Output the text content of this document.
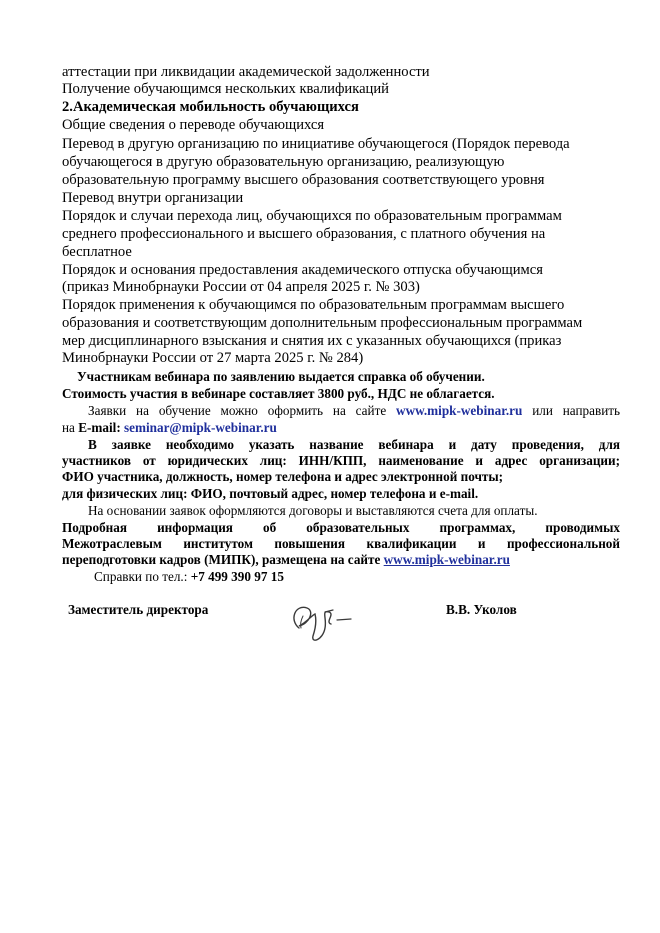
аттестации при ликвидации академической задолженности
Получение обучающимся нескольких квалификаций
2.Академическая мобильность обучающихся
Общие сведения о переводе обучающихся
Перевод в другую организацию по инициативе обучающегося (Порядок перевода
обучающегося в другую образовательную организацию, реализующую
образовательную программу высшего образования соответствующего уровня
Перевод внутри организации
Порядок и случаи перехода лиц, обучающихся по образовательным программам
среднего профессионального и высшего образования, с платного обучения на
бесплатное
Порядок и основания предоставления академического отпуска обучающимся
(приказ Минобрнауки России от 04 апреля 2025 г. № 303)
Порядок применения к обучающимся по образовательным программам высшего
образования и соответствующим дополнительным профессиональным программам
мер дисциплинарного взыскания и снятия их с указанных обучающихся (приказ
Минобрнауки России от 27 марта 2025 г. № 284)
Участникам вебинара по заявлению выдается справка об обучении.
Стоимость участия в вебинаре составляет 3800 руб., НДС не облагается.
Заявки на обучение можно оформить на сайте www.mipk-webinar.ru или направить
на E-mail: seminar@mipk-webinar.ru
В заявке необходимо указать название вебинара и дату проведения, для
участников от юридических лиц: ИНН/КПП, наименование и адрес организации;
ФИО участника, должность, номер телефона и адрес электронной почты;
для физических лиц: ФИО, почтовый адрес, номер телефона и e-mail.
На основании заявок оформляются договоры и выставляются счета для оплаты.
Подробная информация об образовательных программах, проводимых
Межотраслевым институтом повышения квалификации и профессиональной
переподготовки кадров (МИПК), размещена на сайте www.mipk-webinar.ru
Справки по тел.: +7 499 390 97 15
Заместитель директора	В.В. Уколов
